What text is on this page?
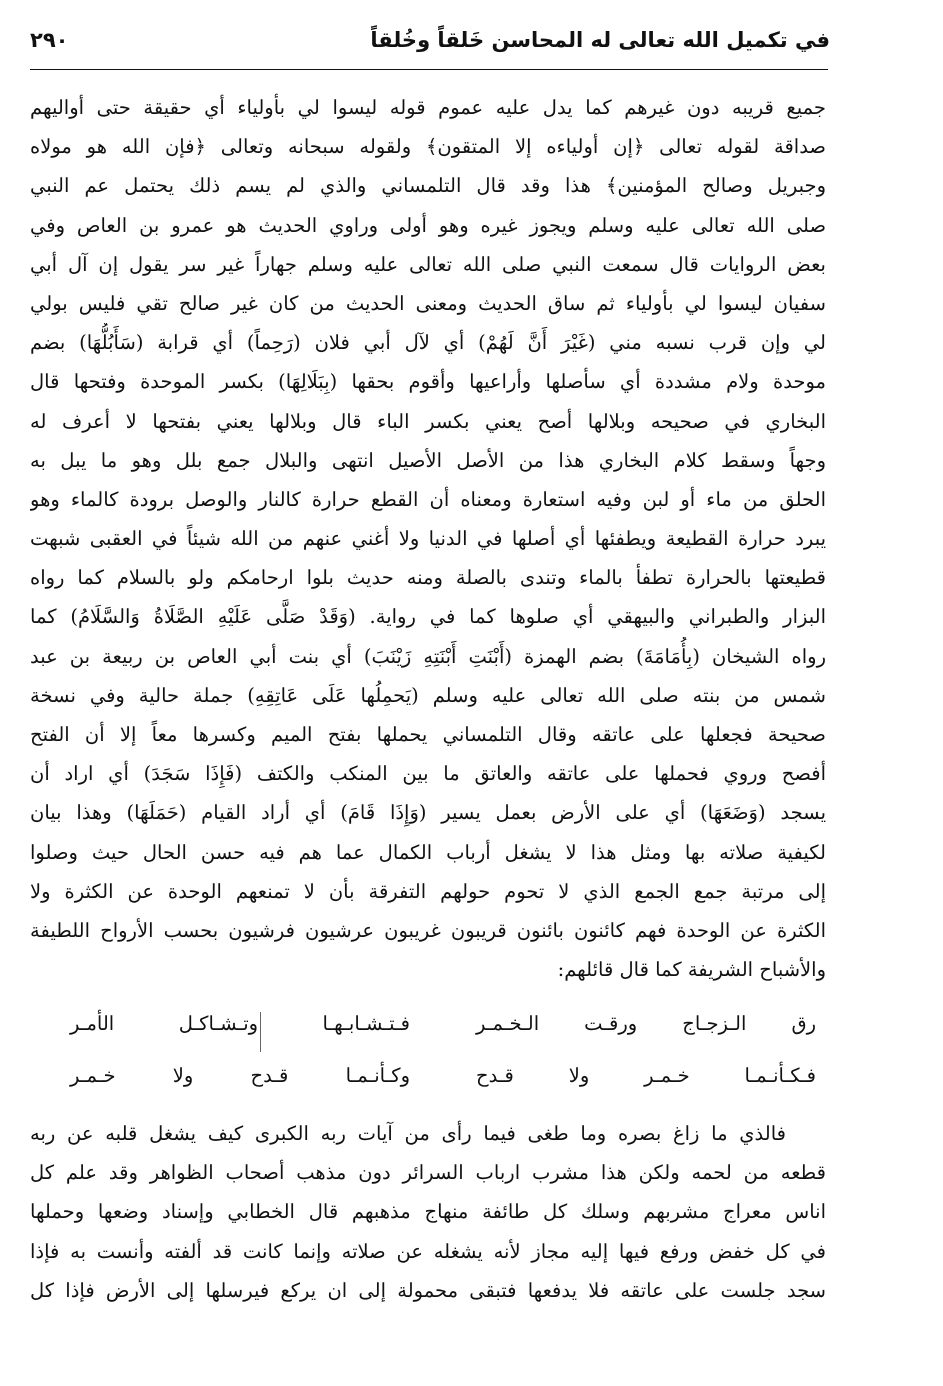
في تكميل الله تعالى له المحاسن خَلقاً وخُلقاً
٢٩٠
جميع قريبه دون غيرهم كما يدل عليه عموم قوله ليسوا لي بأولياء أي حقيقة حتى أواليهم
صداقة لقوله تعالى ﴿إن أولياءه إلا المتقون﴾ ولقوله سبحانه وتعالى ﴿فإن الله هو مولاه
وجبريل وصالح المؤمنين﴾ هذا وقد قال التلمساني والذي لم يسم ذلك يحتمل عم النبي
صلى الله تعالى عليه وسلم ويجوز غيره وهو أولى وراوي الحديث هو عمرو بن العاص وفي
بعض الروايات قال سمعت النبي صلى الله تعالى عليه وسلم جهاراً غير سر يقول إن آل أبي
سفيان ليسوا لي بأولياء ثم ساق الحديث ومعنى الحديث من كان غير صالح تقي فليس بولي
لي وإن قرب نسبه مني (غَيْرَ أَنَّ لَهُمْ) أي لآل أبي فلان (رَحِماً) أي قرابة (سَأَبُلُّهَا) بضم
موحدة ولام مشددة أي سأصلها وأراعيها وأقوم بحقها (بِبَلَالِهَا) بكسر الموحدة وفتحها قال
البخاري في صحيحه وبلالها أصح يعني بكسر الباء قال وبلالها يعني بفتحها لا أعرف له
وجهاً وسقط كلام البخاري هذا من الأصل الأصيل انتهى والبلال جمع بلل وهو ما يبل به
الحلق من ماء أو لبن وفيه استعارة ومعناه أن القطع حرارة كالنار والوصل برودة كالماء وهو
يبرد حرارة القطيعة ويطفئها أي أصلها في الدنيا ولا أغني عنهم من الله شيئاً في العقبى شبهت
قطيعتها بالحرارة تطفأ بالماء وتندى بالصلة ومنه حديث بلوا ارحامكم ولو بالسلام كما رواه
البزار والطبراني والبيهقي أي صلوها كما في رواية. (وَقَدْ صَلَّى عَلَيْهِ الصَّلَاةُ وَالسَّلَامُ) كما
رواه الشيخان (بِأُمَامَةَ) بضم الهمزة (أَبْنَتِ أَبْنَتِهِ زَيْنَبَ) أي بنت أبي العاص بن ربيعة بن عبد
شمس من بنته صلى الله تعالى عليه وسلم (يَحمِلُها عَلَى عَاتِقِهِ) جملة حالية وفي نسخة
صحيحة فجعلها على عاتقه وقال التلمساني يحملها بفتح الميم وكسرها معاً إلا أن الفتح
أفصح وروي فحملها على عاتقه والعاتق ما بين المنكب والكتف (فَإِذَا سَجَدَ) أي اراد أن
يسجد (وَضَعَهَا) أي على الأرض بعمل يسير (وَإِذَا قَامَ) أي أراد القيام (حَمَلَهَا) وهذا بيان
لكيفية صلاته بها ومثل هذا لا يشغل أرباب الكمال عما هم فيه حسن الحال حيث وصلوا
إلى مرتبة جمع الجمع الذي لا تحوم حولهم التفرقة بأن لا تمنعهم الوحدة عن الكثرة ولا
الكثرة عن الوحدة فهم كائنون بائنون قريبون غريبون عرشيون فرشيون بحسب الأرواح اللطيفة
والأشباح الشريفة كما قال قائلهم:
رق الـزجـاج ورقـت الـخـمـر
فـتـشـابـهـا وتـشـاكـل الأمـر
فـكـأنـمـا خـمـر ولا قـدح
وكـأنـمـا قـدح ولا خـمـر
فالذي ما زاغ بصره وما طغى فيما رأى من آيات ربه الكبرى كيف يشغل قلبه عن ربه
قطعه من لحمه ولكن هذا مشرب ارباب السرائر دون مذهب أصحاب الظواهر وقد علم كل
اناس معراج مشربهم وسلك كل طائفة منهاج مذهبهم قال الخطابي وإسناد وضعها وحملها
في كل خفض ورفع فيها إليه مجاز لأنه يشغله عن صلاته وإنما كانت قد ألفته وأنست به فإذا
سجد جلست على عاتقه فلا يدفعها فتبقى محمولة إلى ان يركع فيرسلها إلى الأرض فإذا كل
